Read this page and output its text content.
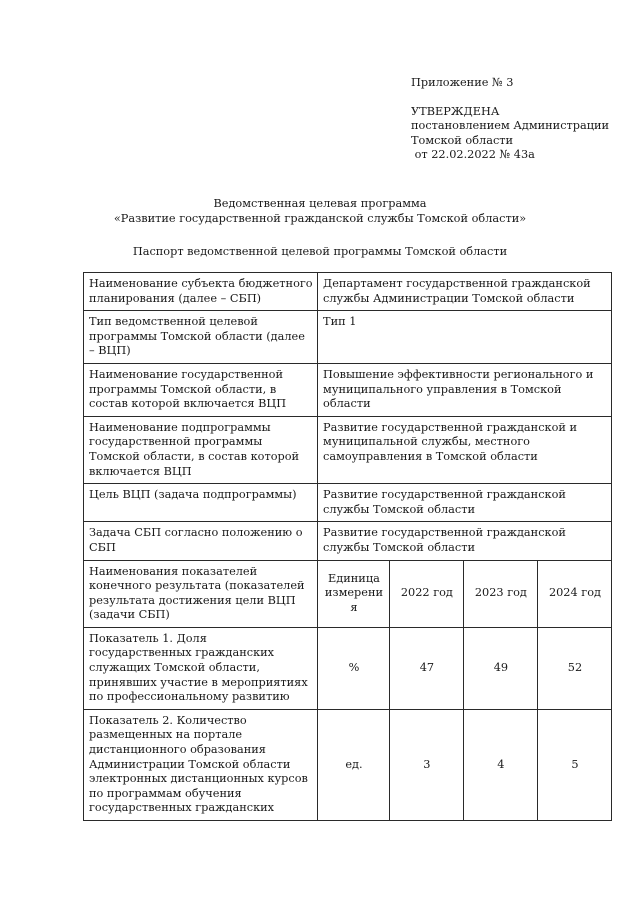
Приложение № 3
УТВЕРЖДЕНА
постановлением Администрации
Томской области
от 22.02.2022 № 43а
Ведомственная целевая программа
«Развитие государственной гражданской службы Томской области»
Паспорт ведомственной целевой программы Томской области
Наименование субъекта бюджетного планирования (далее – СБП)	Департамент государственной гражданской службы Администрации Томской области			
Тип ведомственной целевой программы Томской области (далее – ВЦП)	Тип 1			
Наименование государственной программы Томской области, в состав которой включается ВЦП	Повышение эффективности регионального и муниципального управления в Томской области			
Наименование подпрограммы государственной программы Томской области, в состав которой включается ВЦП	Развитие государственной гражданской и муниципальной службы, местного самоуправления в Томской области			
Цель ВЦП (задача подпрограммы)	Развитие государственной гражданской службы Томской области			
Задача СБП согласно положению о СБП	Развитие государственной гражданской службы Томской области			
Наименования показателей конечного результата (показателей результата достижения цели ВЦП (задачи СБП)	Единица измерения	2022 год	2023 год	2024 год
Показатель 1. Доля государственных гражданских служащих Томской области, принявших участие в мероприятиях по профессиональному развитию	%	47	49	52
Показатель 2. Количество размещенных на портале дистанционного образования Администрации Томской области электронных дистанционных курсов по программам обучения государственных гражданских	ед.	3	4	5
